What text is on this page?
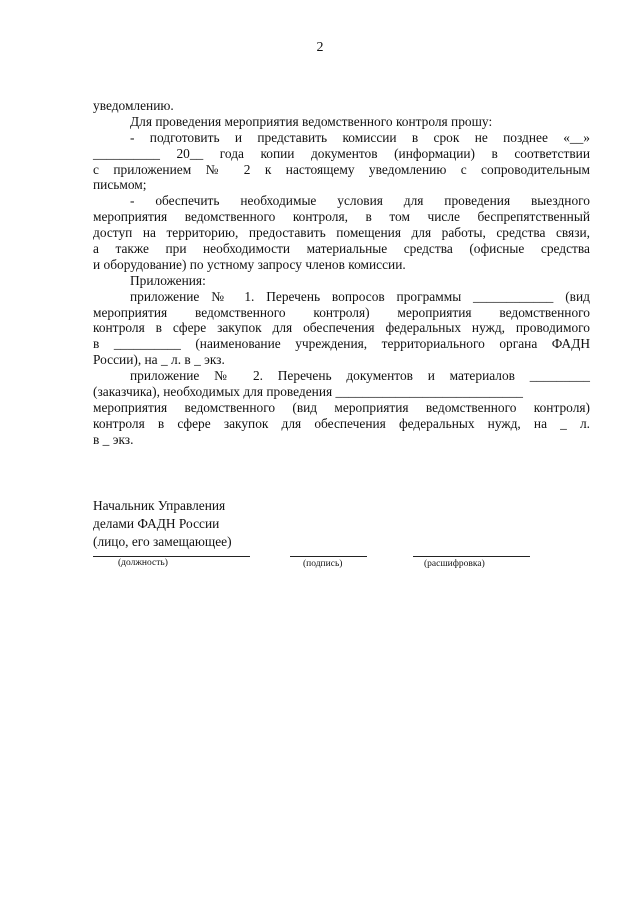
2
уведомлению.
Для проведения мероприятия ведомственного контроля прошу:
- подготовить и представить комиссии в срок не позднее «__»
__________ 20__ года копии документов (информации) в соответствии
с приложением № 2 к настоящему уведомлению с сопроводительным
письмом;
- обеспечить необходимые условия для проведения выездного
мероприятия ведомственного контроля, в том числе беспрепятственный
доступ на территорию, предоставить помещения для работы, средства связи,
а также при необходимости материальные средства (офисные средства
и оборудование) по устному запросу членов комиссии.
Приложения:
приложение № 1. Перечень вопросов программы ____________ (вид
мероприятия ведомственного контроля) мероприятия ведомственного
контроля в сфере закупок для обеспечения федеральных нужд, проводимого
в __________ (наименование учреждения, территориального органа ФАДН
России), на _ л. в _ экз.
приложение № 2. Перечень документов и материалов _________
(заказчика), необходимых для проведения ____________________________
мероприятия ведомственного (вид мероприятия ведомственного контроля)
контроля в сфере закупок для обеспечения федеральных нужд, на _ л.
в _ экз.
Начальник Управления
делами ФАДН России
(лицо, его замещающее)
(должность)	(подпись)	(расшифровка)
